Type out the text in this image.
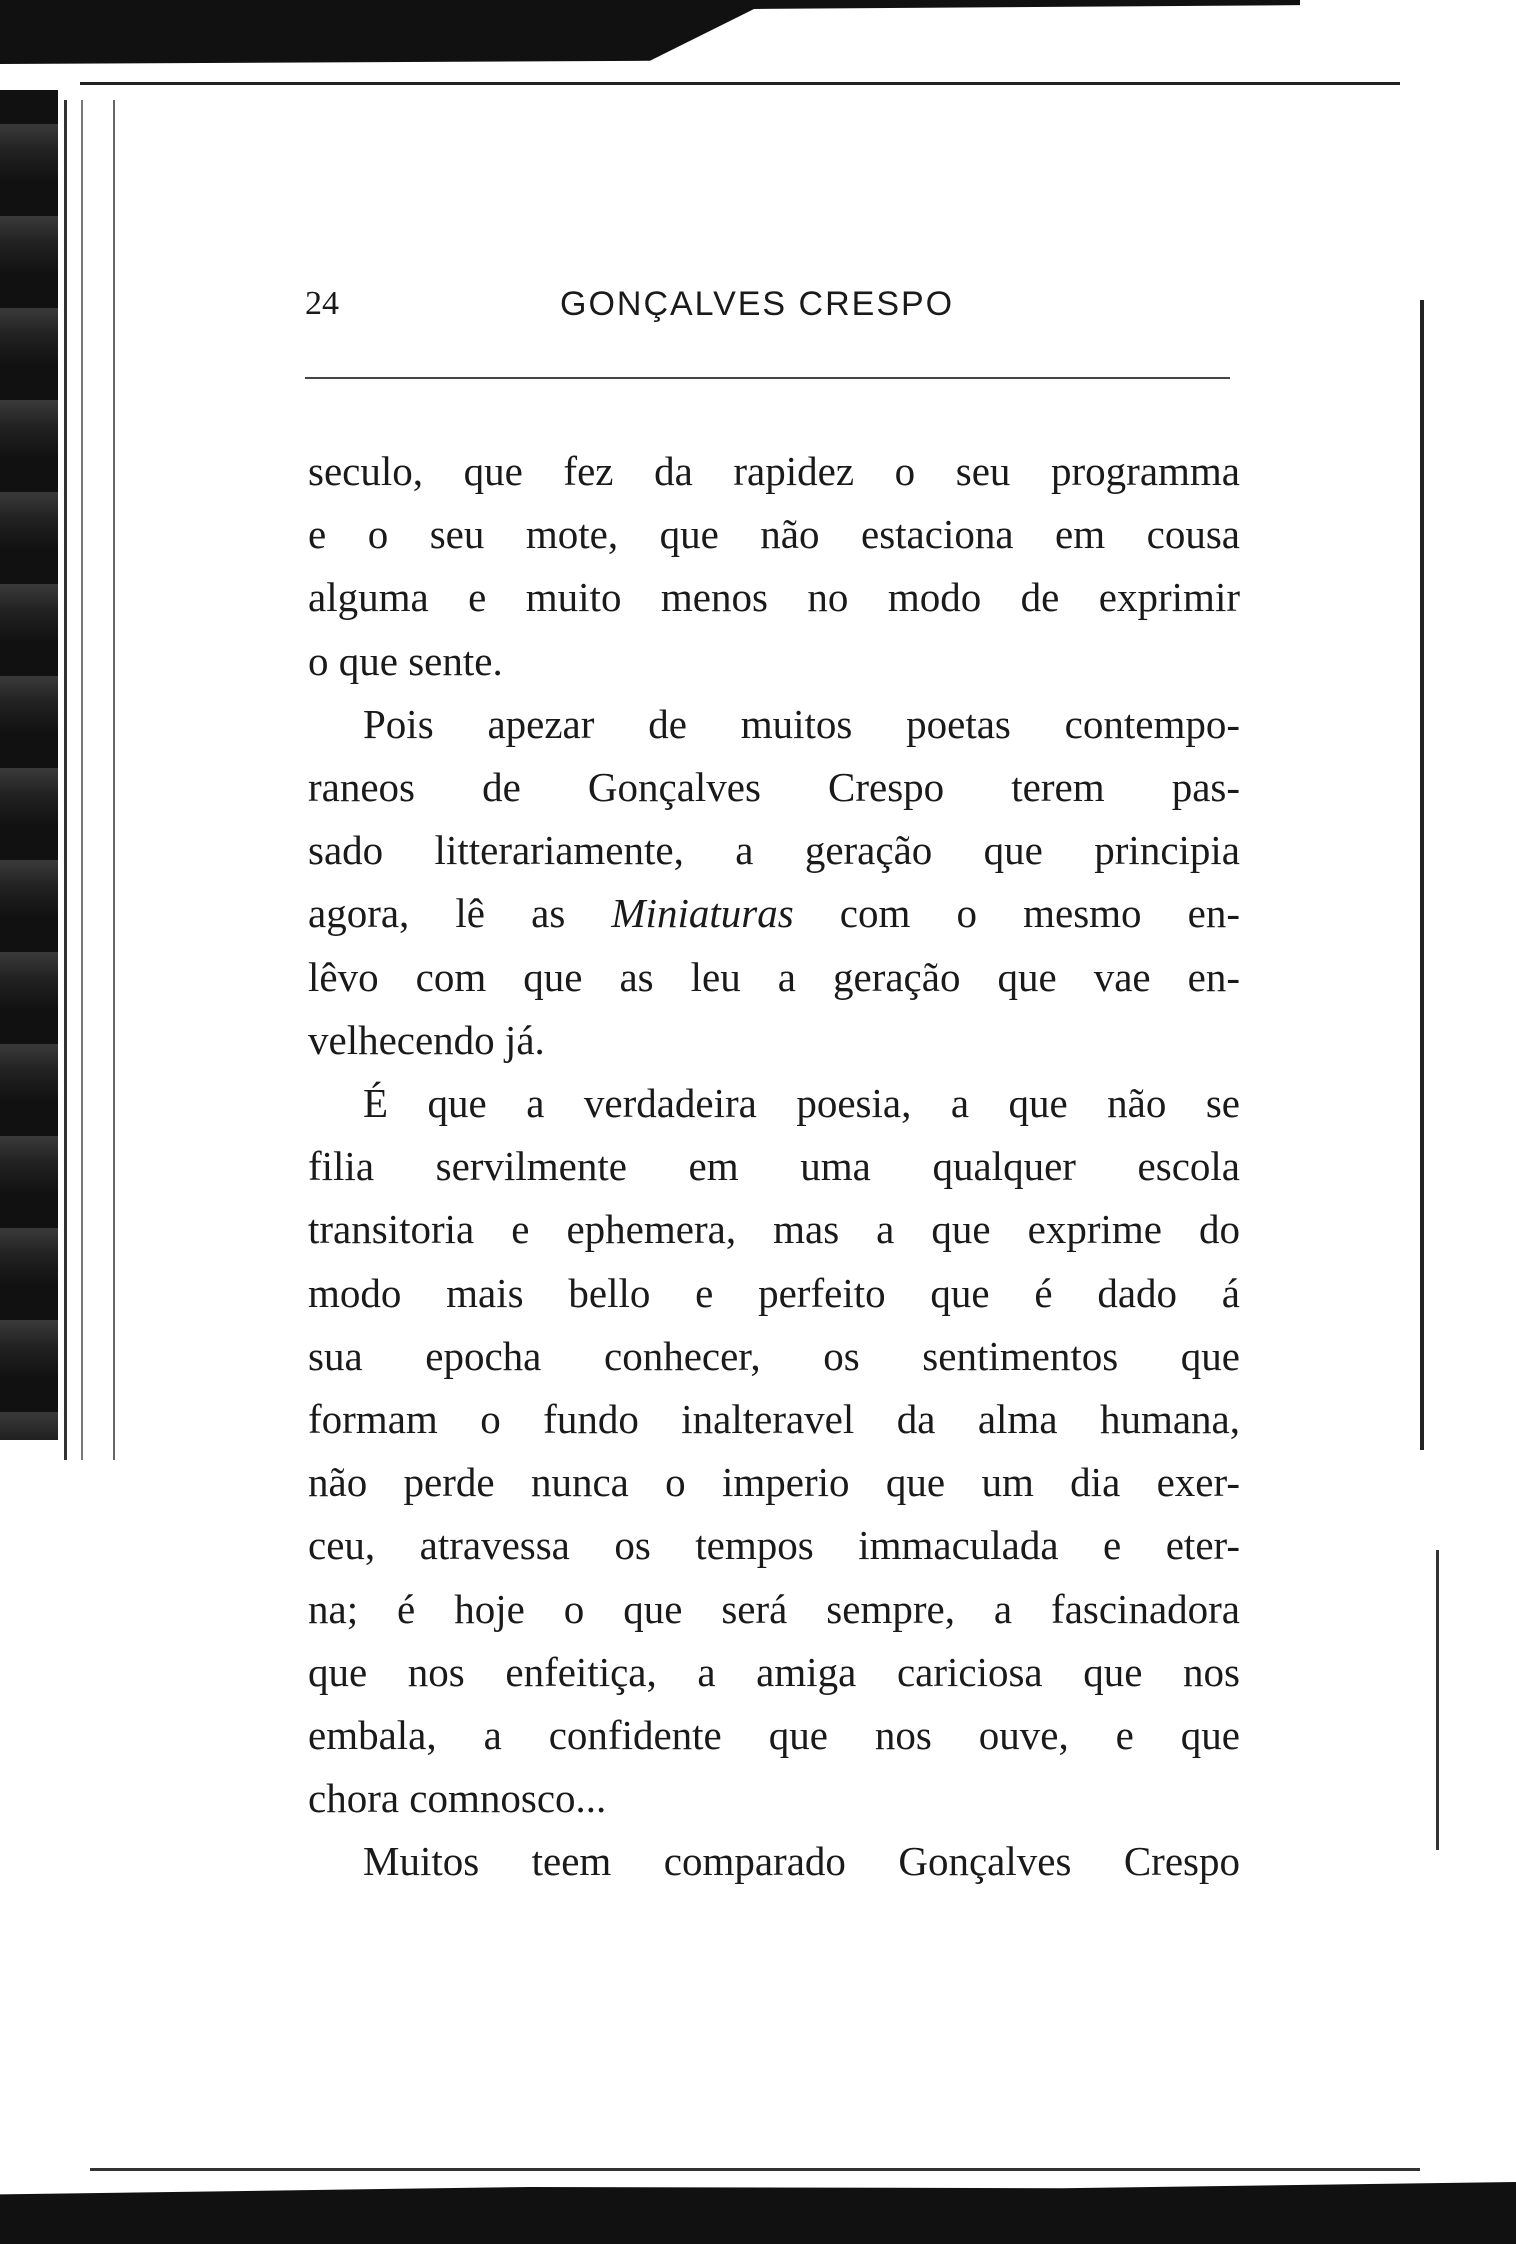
24	GONÇALVES CRESPO
seculo, que fez da rapidez o seu programma
e o seu mote, que não estaciona em cousa
alguma e muito menos no modo de exprimir
o que sente.
Pois apezar de muitos poetas contempo-
raneos de Gonçalves Crespo terem pas-
sado litterariamente, a geração que principia
agora, lê as Miniaturas com o mesmo en-
lêvo com que as leu a geração que vae en-
velhecendo já.
É que a verdadeira poesia, a que não se
filia servilmente em uma qualquer escola
transitoria e ephemera, mas a que exprime do
modo mais bello e perfeito que é dado á
sua epocha conhecer, os sentimentos que
formam o fundo inalteravel da alma humana,
não perde nunca o imperio que um dia exer-
ceu, atravessa os tempos immaculada e eter-
na; é hoje o que será sempre, a fascinadora
que nos enfeitiça, a amiga cariciosa que nos
embala, a confidente que nos ouve, e que
chora comnosco...
Muitos teem comparado Gonçalves Crespo
